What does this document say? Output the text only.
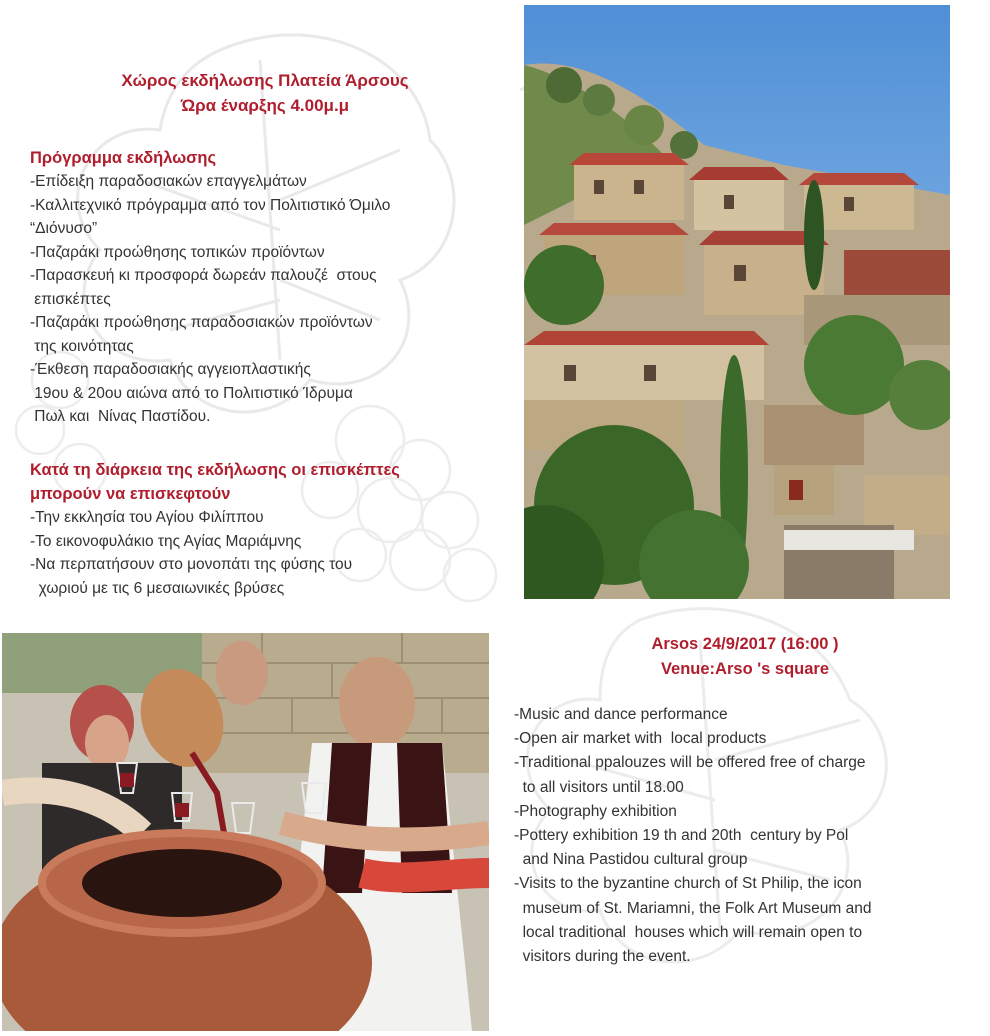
Χώρος εκδήλωσης Πλατεία Άρσους
Ώρα έναρξης 4.00μ.μ

Πρόγραμμα εκδήλωσης

-Επίδειξη παραδοσιακών επαγγελμάτων

-Καλλιτεχνικό πρόγραμμα από τον Πολιτιστικό Όμιλο

“Διόνυσο”

-Παζαράκι προώθησης τοπικών προϊόντων

-Παρασκευή κι προσφορά δωρεάν παλουζέ  στους

επισκέπτες

-Παζαράκι προώθησης παραδοσιακών προϊόντων

της κοινότητας

-Έκθεση παραδοσιακής αγγειοπλαστικής

19ου & 20ου αιώνα από το Πολιτιστικό Ίδρυμα

Πωλ και  Νίνας Παστίδου.

Κατά τη διάρκεια της εκδήλωσης οι επισκέπτες

μπορούν να επισκεφτούν

-Την εκκλησία του Αγίου Φιλίππου

-Το εικονοφυλάκιο της Αγίας Μαριάμνης

-Να περπατήσουν στο μονοπάτι της φύσης του

χωριού με τις 6 μεσαιωνικές βρύσες

Arsos 24/9/2017 (16:00 )
Venue:Arso 's square

-Music and dance performance

-Open air market with  local products

-Traditional ppalouzes will be offered free of charge

to all visitors until 18.00

-Photography exhibition

-Pottery exhibition 19 th and 20th  century by Pol

and Nina Pastidou cultural group

-Visits to the byzantine church of St Philip, the icon

museum of St. Mariamni, the Folk Art Museum and

local traditional  houses which will remain open to

visitors during the event.
